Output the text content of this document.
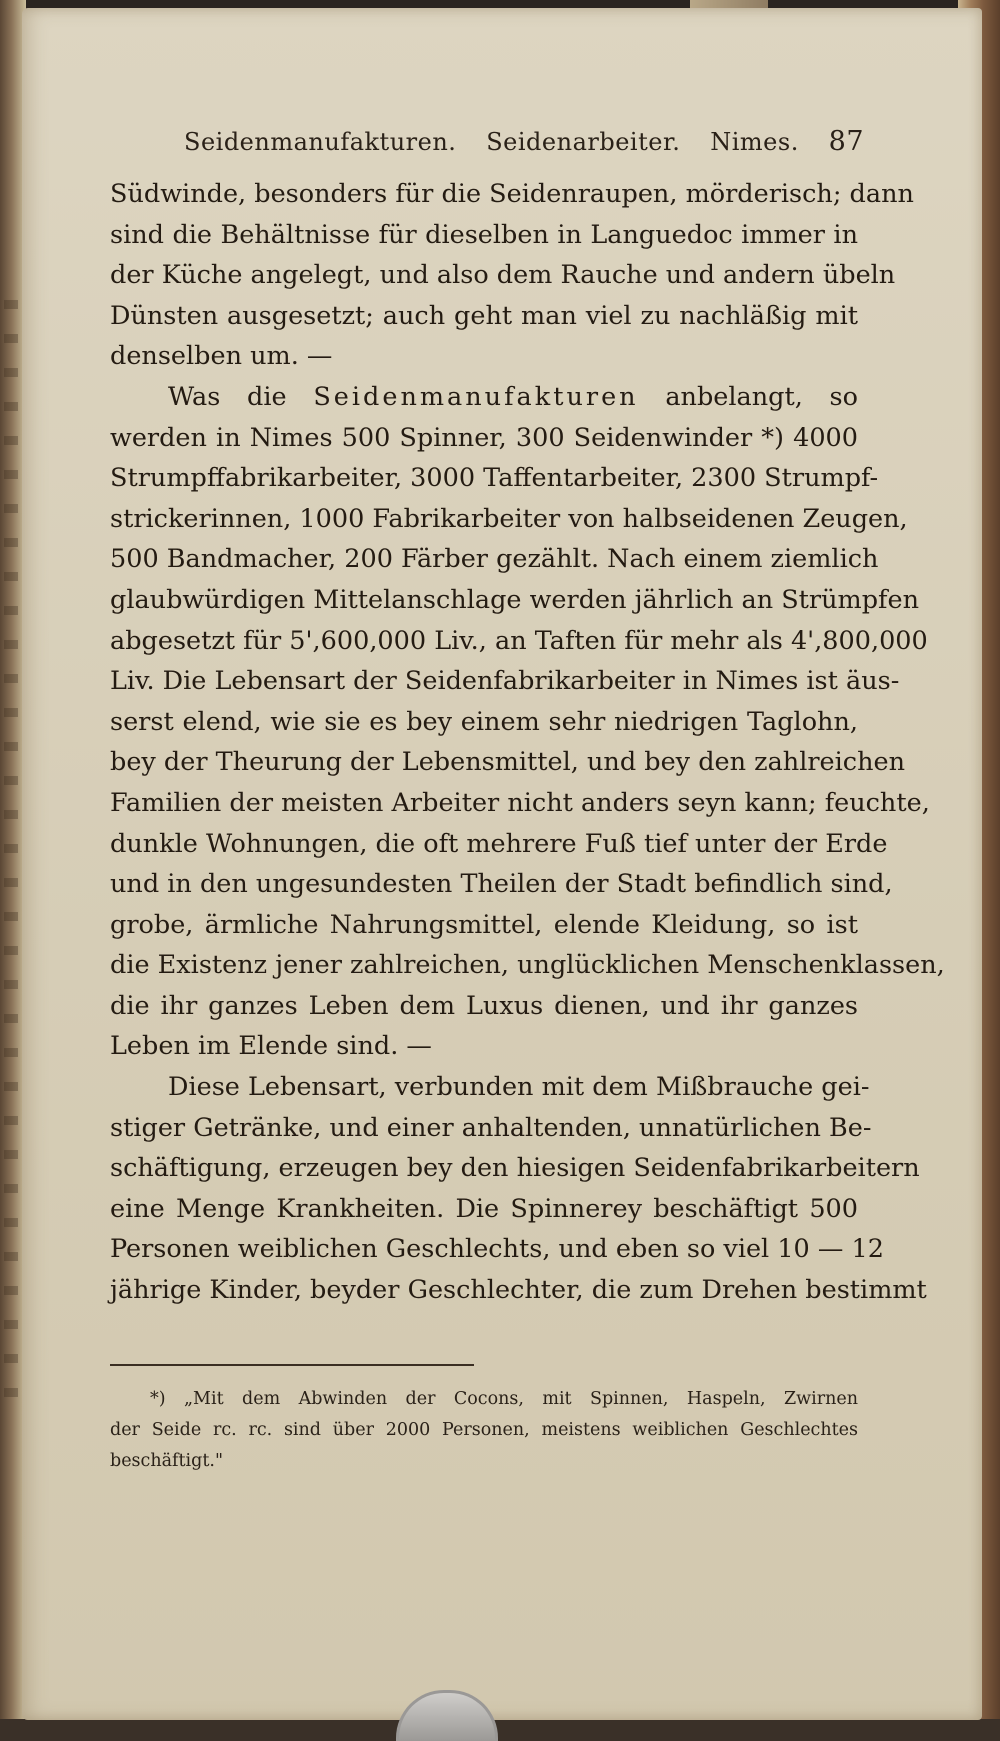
Seidenmanufakturen. Seidenarbeiter. Nimes. 87
Südwinde, besonders für die Seidenraupen, mörderisch; dann
sind die Behältnisse für dieselben in Languedoc immer in
der Küche angelegt, und also dem Rauche und andern übeln
Dünsten ausgesetzt; auch geht man viel zu nachläßig mit
denselben um. —
Was die Seidenmanufakturen anbelangt, so
werden in Nimes 500 Spinner, 300 Seidenwinder *) 4000
Strumpffabrikarbeiter, 3000 Taffentarbeiter, 2300 Strumpf-
strickerinnen, 1000 Fabrikarbeiter von halbseidenen Zeugen,
500 Bandmacher, 200 Färber gezählt. Nach einem ziemlich
glaubwürdigen Mittelanschlage werden jährlich an Strümpfen
abgesetzt für 5',600,000 Liv., an Taften für mehr als 4',800,000
Liv. Die Lebensart der Seidenfabrikarbeiter in Nimes ist äus-
serst elend, wie sie es bey einem sehr niedrigen Taglohn,
bey der Theurung der Lebensmittel, und bey den zahlreichen
Familien der meisten Arbeiter nicht anders seyn kann; feuchte,
dunkle Wohnungen, die oft mehrere Fuß tief unter der Erde
und in den ungesundesten Theilen der Stadt befindlich sind,
grobe, ärmliche Nahrungsmittel, elende Kleidung, so ist
die Existenz jener zahlreichen, unglücklichen Menschenklassen,
die ihr ganzes Leben dem Luxus dienen, und ihr ganzes
Leben im Elende sind. —
Diese Lebensart, verbunden mit dem Mißbrauche gei-
stiger Getränke, und einer anhaltenden, unnatürlichen Be-
schäftigung, erzeugen bey den hiesigen Seidenfabrikarbeitern
eine Menge Krankheiten. Die Spinnerey beschäftigt 500
Personen weiblichen Geschlechts, und eben so viel 10 — 12
jährige Kinder, beyder Geschlechter, die zum Drehen bestimmt
*) „Mit dem Abwinden der Cocons, mit Spinnen, Haspeln, Zwirnen
der Seide rc. rc. sind über 2000 Personen, meistens weiblichen Geschlechtes
beschäftigt."
